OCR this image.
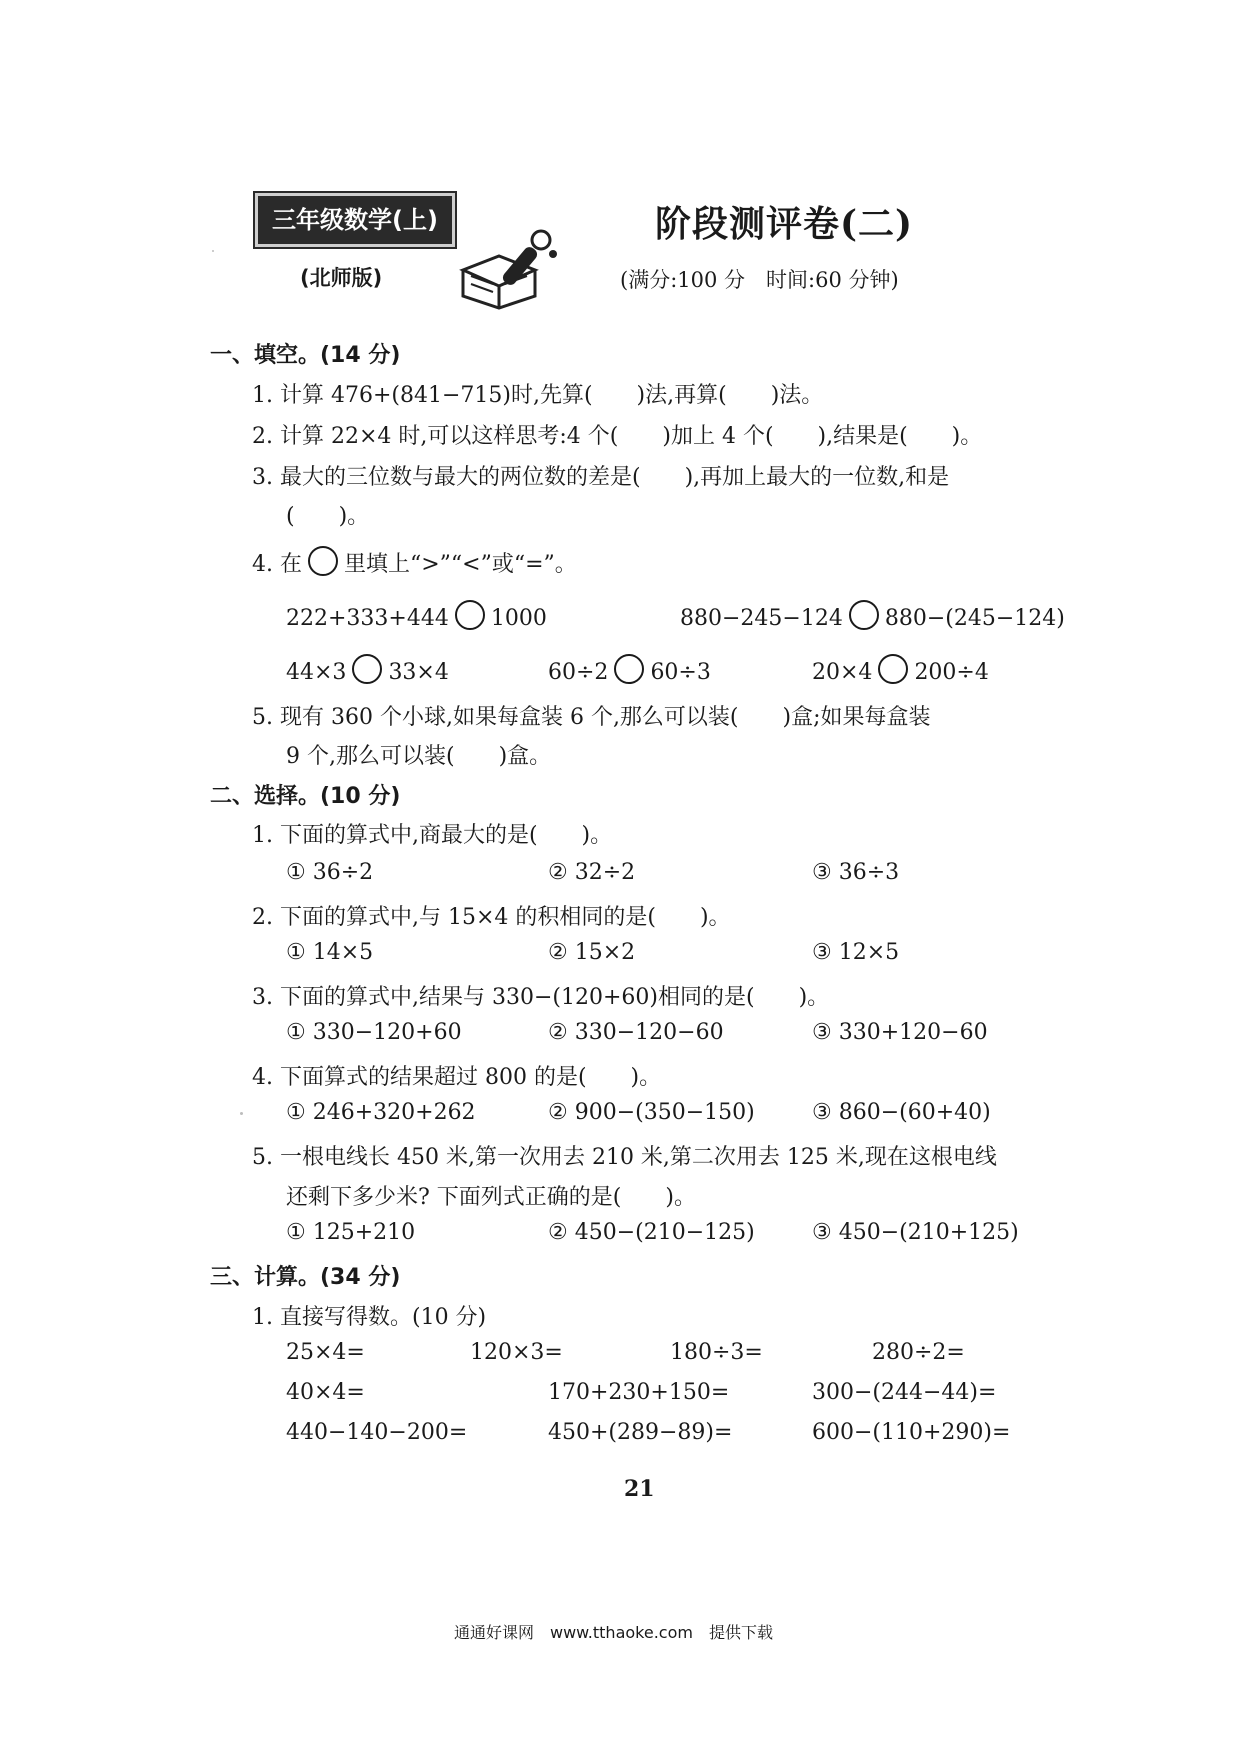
三年级数学(上)
(北师版)
阶段测评卷(二)
(满分:100 分　时间:60 分钟)
一、填空。(14 分)
1. 计算 476+(841−715)时,先算(　　)法,再算(　　)法。
2. 计算 22×4 时,可以这样思考:4 个(　　)加上 4 个(　　),结果是(　　)。
3. 最大的三位数与最大的两位数的差是(　　),再加上最大的一位数,和是
(　　)。
4. 在 里填上“>”“<”或“=”。
222+333+444 1000	880−245−124 880−(245−124)
44×3 33×4	60÷2 60÷3	20×4 200÷4
5. 现有 360 个小球,如果每盒装 6 个,那么可以装(　　)盒;如果每盒装
9 个,那么可以装(　　)盒。
二、选择。(10 分)
1. 下面的算式中,商最大的是(　　)。
① 36÷2	② 32÷2	③ 36÷3
2. 下面的算式中,与 15×4 的积相同的是(　　)。
① 14×5	② 15×2	③ 12×5
3. 下面的算式中,结果与 330−(120+60)相同的是(　　)。
① 330−120+60	② 330−120−60	③ 330+120−60
4. 下面算式的结果超过 800 的是(　　)。
① 246+320+262	② 900−(350−150)	③ 860−(60+40)
5. 一根电线长 450 米,第一次用去 210 米,第二次用去 125 米,现在这根电线
还剩下多少米? 下面列式正确的是(　　)。
① 125+210	② 450−(210−125)	③ 450−(210+125)
三、计算。(34 分)
1. 直接写得数。(10 分)
25×4=	120×3=	180÷3=	280÷2=
40×4=	170+230+150=	300−(244−44)=
440−140−200=	450+(289−89)=	600−(110+290)=
21
通通好课网　www.tthaoke.com　提供下载
